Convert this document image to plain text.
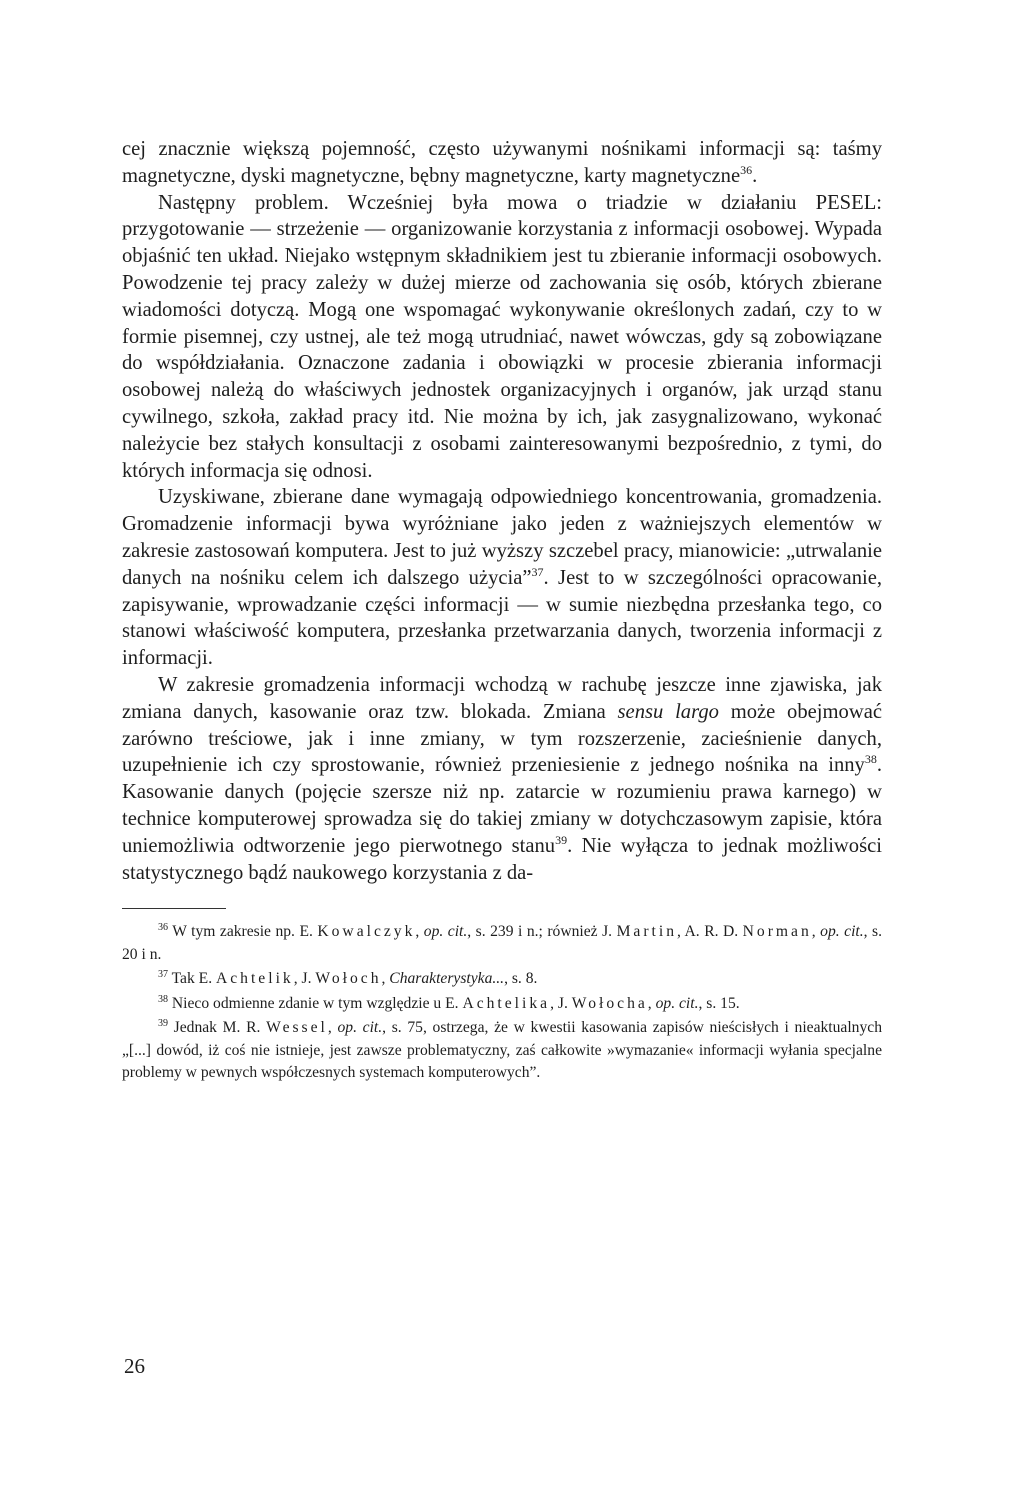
cej znacznie większą pojemność, często używanymi nośnikami informacji są: taśmy magnetyczne, dyski magnetyczne, bębny magnetyczne, karty magnetyczne$^{36}$.

Następny problem. Wcześniej była mowa o triadzie w działaniu PESEL: przygotowanie — strzeżenie — organizowanie korzystania z informacji osobowej. Wypada objaśnić ten układ. Niejako wstępnym składnikiem jest tu zbieranie informacji osobowych. Powodzenie tej pracy zależy w dużej mierze od zachowania się osób, których zbierane wiadomości dotyczą. Mogą one wspomagać wykonywanie określonych zadań, czy to w formie pisemnej, czy ustnej, ale też mogą utrudniać, nawet wówczas, gdy są zobowiązane do współdziałania. Oznaczone zadania i obowiązki w procesie zbierania informacji osobowej należą do właściwych jednostek organizacyjnych i organów, jak urząd stanu cywilnego, szkoła, zakład pracy itd. Nie można by ich, jak zasygnalizowano, wykonać należycie bez stałych konsultacji z osobami zainteresowanymi bezpośrednio, z tymi, do których informacja się odnosi.

Uzyskiwane, zbierane dane wymagają odpowiedniego koncentrowania, gromadzenia. Gromadzenie informacji bywa wyróżniane jako jeden z ważniejszych elementów w zakresie zastosowań komputera. Jest to już wyższy szczebel pracy, mianowicie: „utrwalanie danych na nośniku celem ich dalszego użycia”$^{37}$. Jest to w szczególności opracowanie, zapisywanie, wprowadzanie części informacji — w sumie niezbędna przesłanka tego, co stanowi właściwość komputera, przesłanka przetwarzania danych, tworzenia informacji z informacji.

W zakresie gromadzenia informacji wchodzą w rachubę jeszcze inne zjawiska, jak zmiana danych, kasowanie oraz tzw. blokada. Zmiana sensu largo może obejmować zarówno treściowe, jak i inne zmiany, w tym rozszerzenie, zacieśnienie danych, uzupełnienie ich czy sprostowanie, również przeniesienie z jednego nośnika na inny$^{38}$. Kasowanie danych (pojęcie szersze niż np. zatarcie w rozumieniu prawa karnego) w technice komputerowej sprowadza się do takiej zmiany w dotychczasowym zapisie, która uniemożliwia odtworzenie jego pierwotnego stanu$^{39}$. Nie wyłącza to jednak możliwości statystycznego bądź naukowego korzystania z da-

$^{36}$ W tym zakresie np. E. Kowalczyk, op. cit., s. 239 i n.; również J. Martin, A. R. D. Norman, op. cit., s. 20 i n.

$^{37}$ Tak E. Achtelik, J. Wołoch, Charakterystyka..., s. 8.

$^{38}$ Nieco odmienne zdanie w tym względzie u E. Achtelika, J. Wołocha, op. cit., s. 15.

$^{39}$ Jednak M. R. Wessel, op. cit., s. 75, ostrzega, że w kwestii kasowania zapisów nieścisłych i nieaktualnych „[...] dowód, iż coś nie istnieje, jest zawsze problematyczny, zaś całkowite »wymazanie« informacji wyłania specjalne problemy w pewnych współczesnych systemach komputerowych”.

26
